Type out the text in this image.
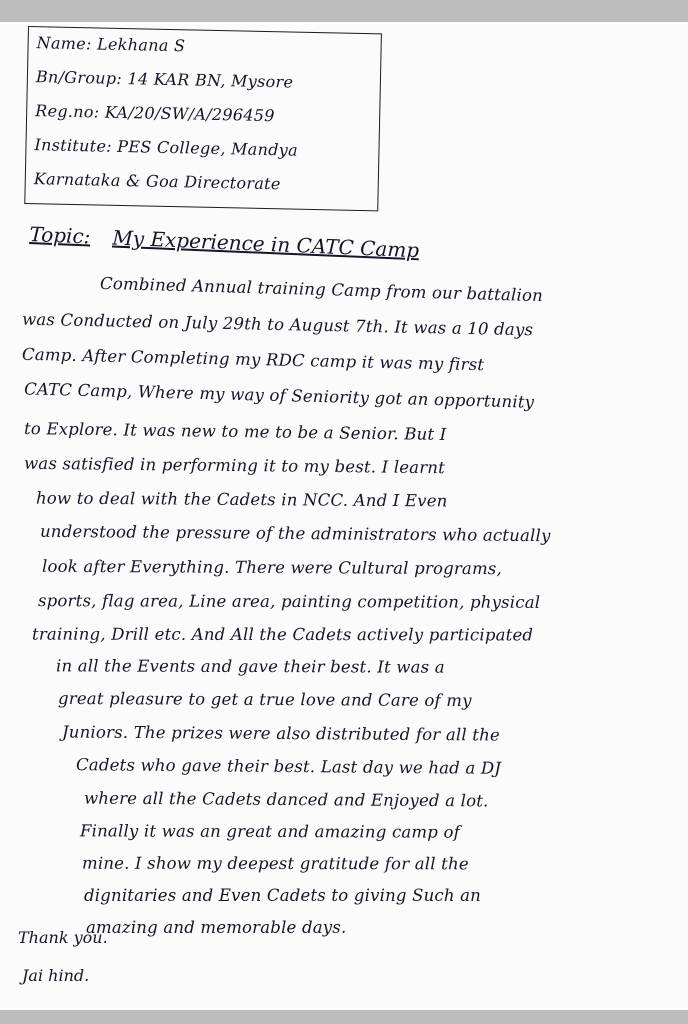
Name: Lekhana S
Bn/Group: 14 KAR BN, Mysore
Reg.no: KA/20/SW/A/296459
Institute: PES College, Mandya
Karnataka & Goa Directorate
Topic: My Experience in CATC Camp
Combined Annual training Camp from our battalion
was Conducted on July 29th to August 7th. It was a 10 days
Camp. After Completing my RDC camp it was my first
CATC Camp, Where my way of Seniority got an opportunity
to Explore. It was new to me to be a Senior. But I
was satisfied in performing it to my best. I learnt
how to deal with the Cadets in NCC. And I Even
understood the pressure of the administrators who actually
look after Everything. There were Cultural programs,
sports, flag area, Line area, painting competition, physical
training, Drill etc. And All the Cadets actively participated
in all the Events and gave their best. It was a
great pleasure to get a true love and Care of my
Juniors. The prizes were also distributed for all the
Cadets who gave their best. Last day we had a DJ
where all the Cadets danced and Enjoyed a lot.
Finally it was an great and amazing camp of
mine. I show my deepest gratitude for all the
dignitaries and Even Cadets to giving Such an
amazing and memorable days.
Thank you.
Jai hind.
